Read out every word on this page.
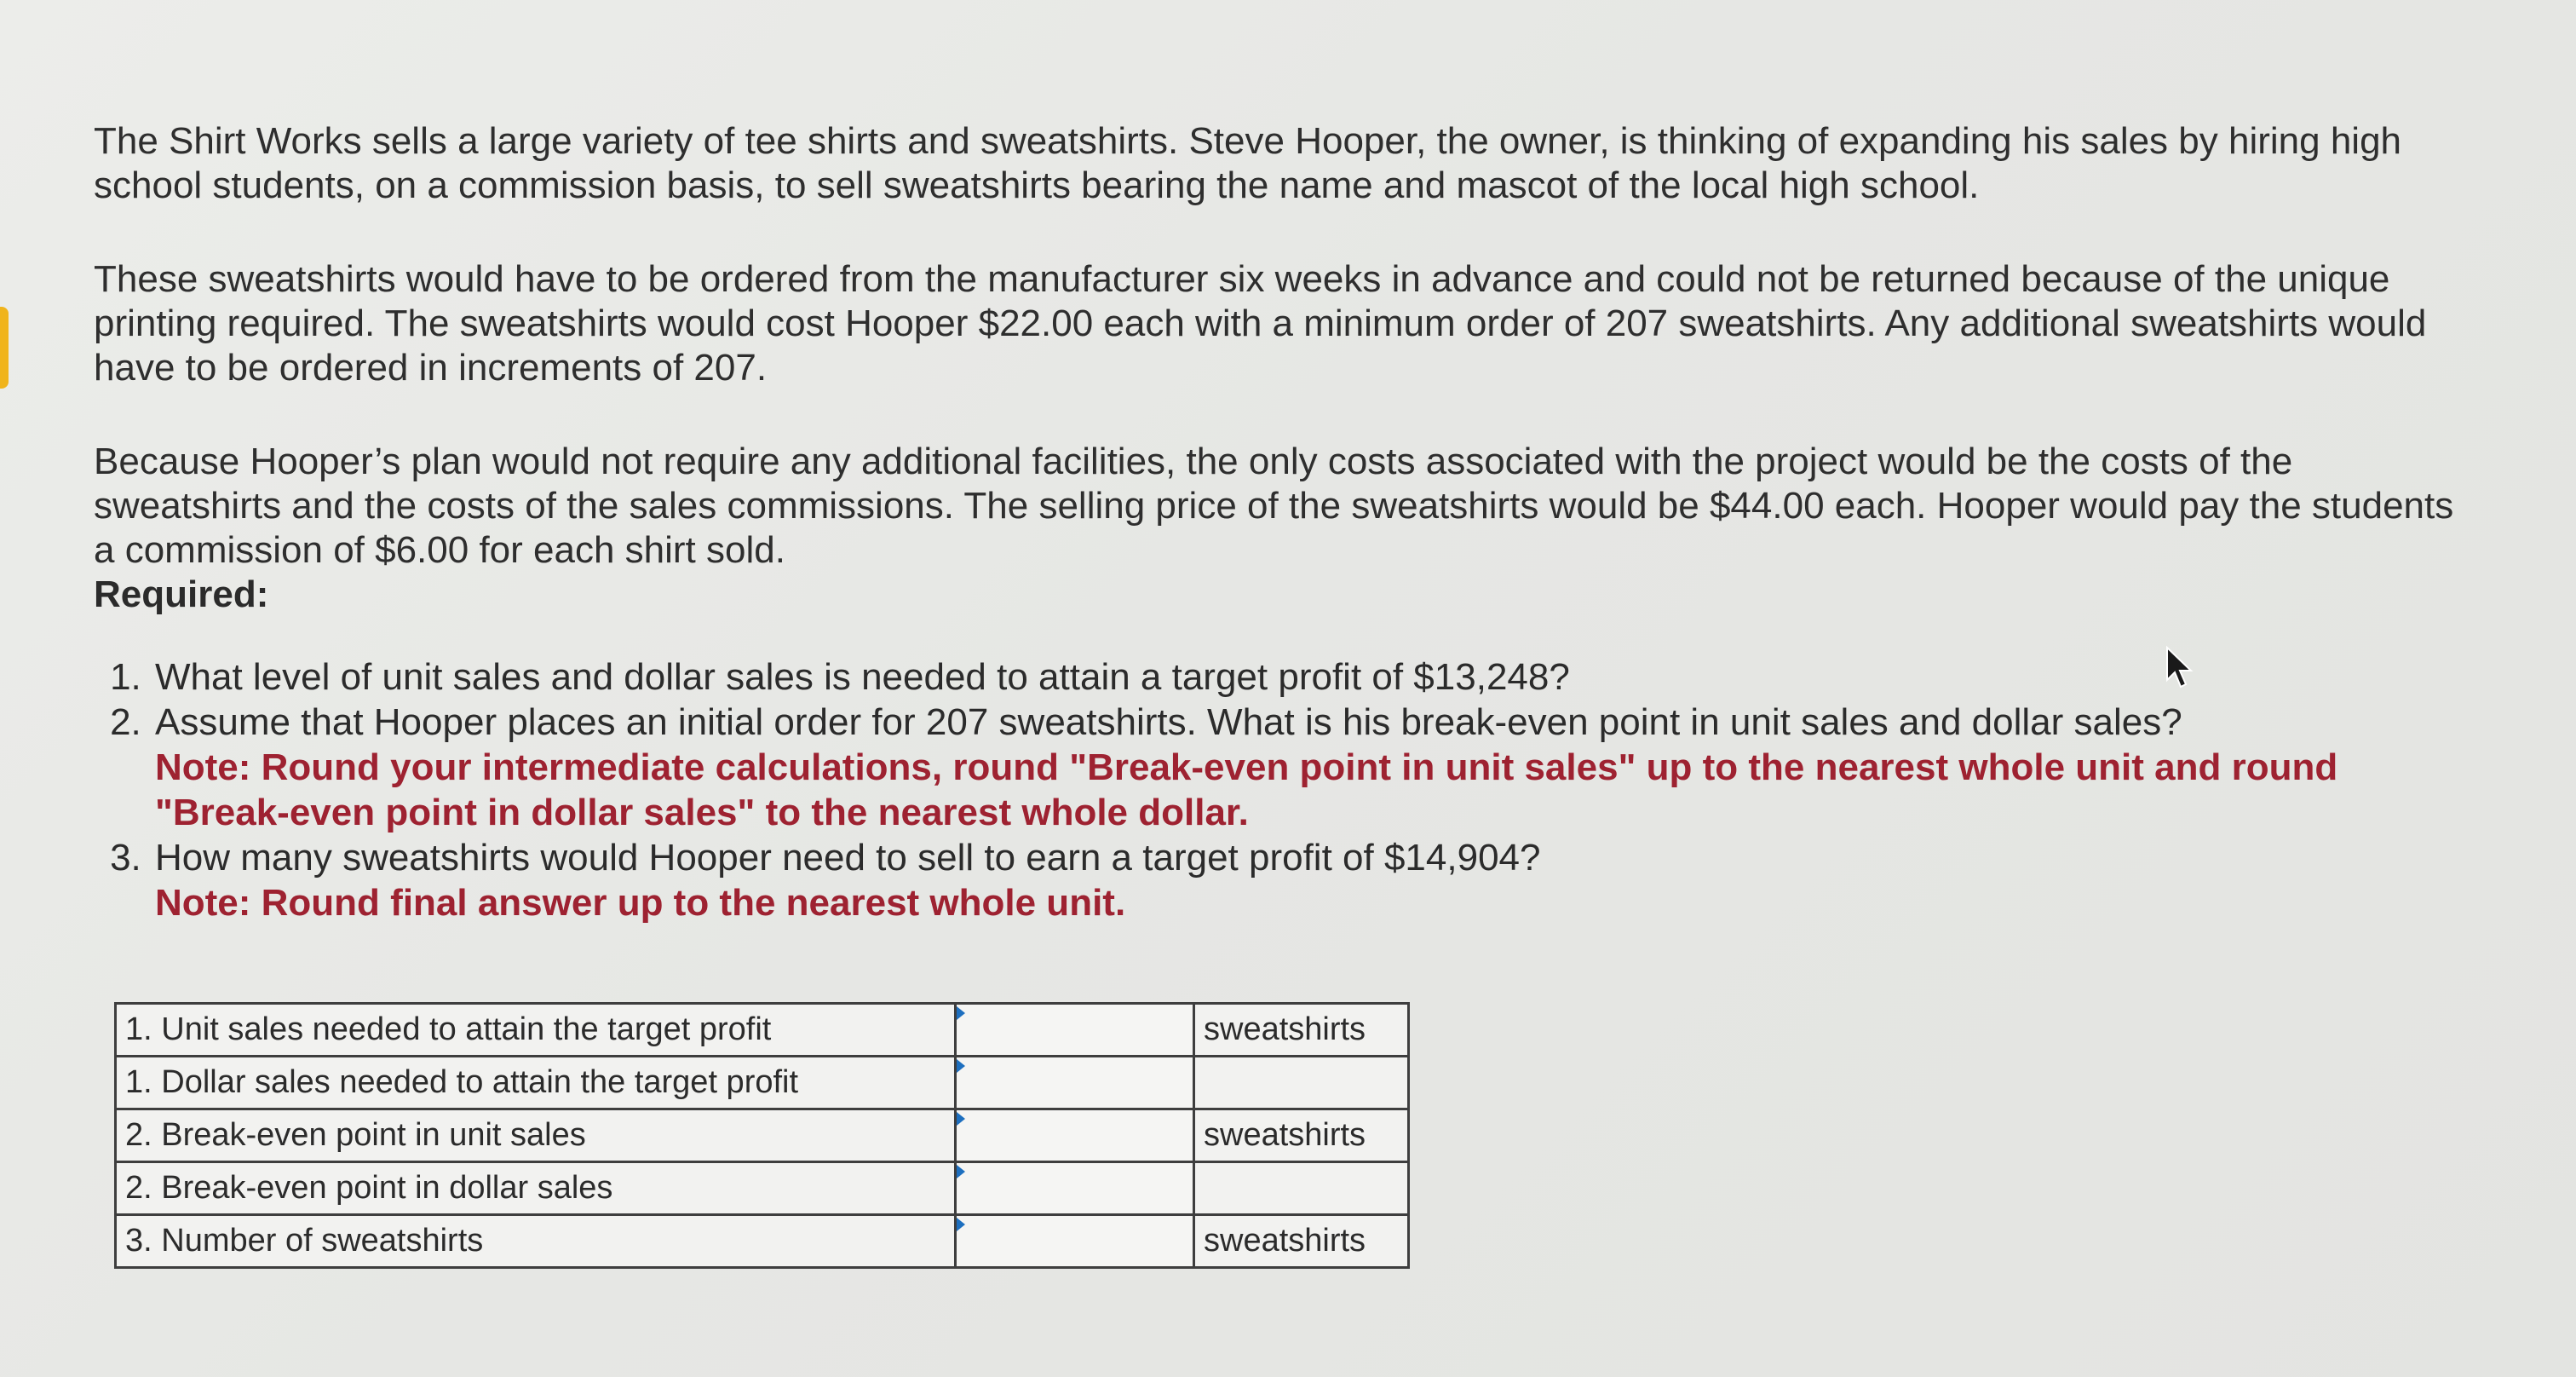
The Shirt Works sells a large variety of tee shirts and sweatshirts. Steve Hooper, the owner, is thinking of expanding his sales by hiring high school students, on a commission basis, to sell sweatshirts bearing the name and mascot of the local high school.

These sweatshirts would have to be ordered from the manufacturer six weeks in advance and could not be returned because of the unique printing required. The sweatshirts would cost Hooper $22.00 each with a minimum order of 207 sweatshirts. Any additional sweatshirts would have to be ordered in increments of 207.

Because Hooper’s plan would not require any additional facilities, the only costs associated with the project would be the costs of the sweatshirts and the costs of the sales commissions. The selling price of the sweatshirts would be $44.00 each. Hooper would pay the students a commission of $6.00 for each shirt sold.

Required:

1. What level of unit sales and dollar sales is needed to attain a target profit of $13,248?
2. Assume that Hooper places an initial order for 207 sweatshirts. What is his break-even point in unit sales and dollar sales?
Note: Round your intermediate calculations, round "Break-even point in unit sales" up to the nearest whole unit and round "Break-even point in dollar sales" to the nearest whole dollar.
3. How many sweatshirts would Hooper need to sell to earn a target profit of $14,904?
Note: Round final answer up to the nearest whole unit.
1. Unit sales needed to attain the target profit		sweatshirts
1. Dollar sales needed to attain the target profit	

2. Break-even point in unit sales		sweatshirts
2. Break-even point in dollar sales	

3. Number of sweatshirts		sweatshirts
